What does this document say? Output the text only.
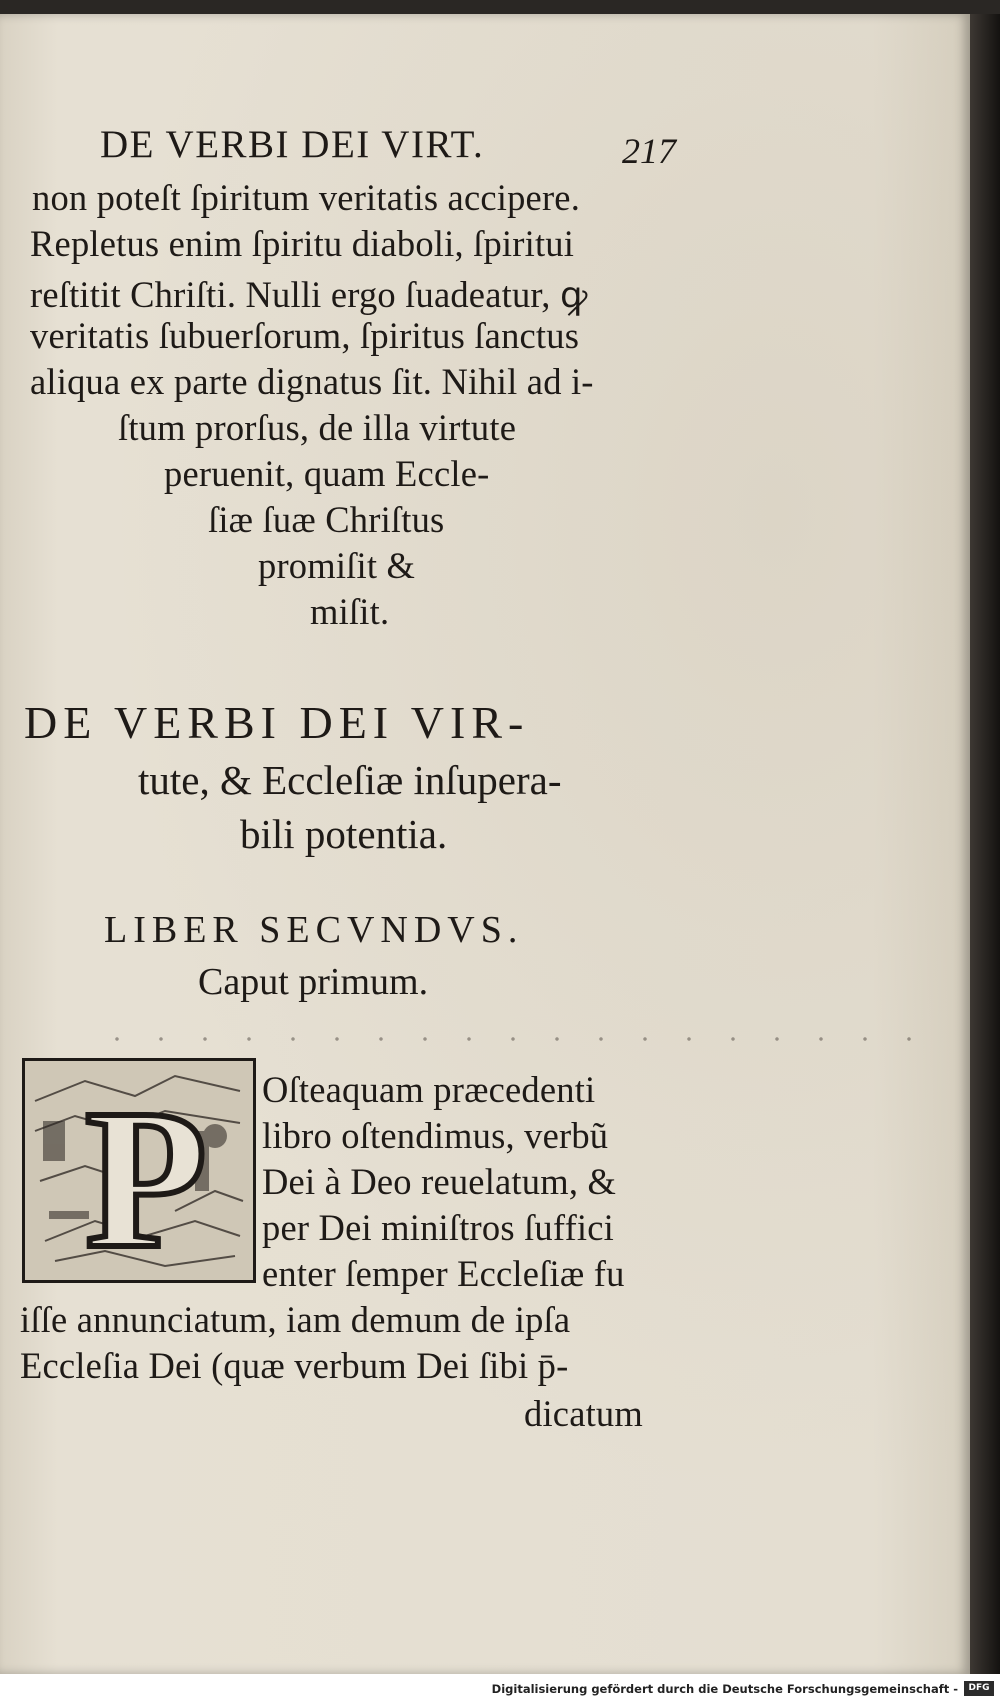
DE VERBI DEI VIRT.	217
non poteſt ſpiritum veritatis accipere.
Repletus enim ſpiritu diaboli, ſpiritui
reſtitit Chriſti. Nulli ergo ſuadeatur, ꝙ
veritatis ſubuerſorum, ſpiritus ſanctus
aliqua ex parte dignatus ſit. Nihil ad i-
ſtum prorſus, de illa virtute
peruenit, quam Eccle-
ſiæ ſuæ Chriſtus
promiſit &
miſit.
DE VERBI DEI VIR-
tute, & Eccleſiæ inſupera-
bili potentia.
LIBER SECVNDVS.
Caput primum.
P Oſteaquam præcedenti
libro oſtendimus, verbũ
Dei à Deo reuelatum, &
per Dei miniſtros ſuffici
enter ſemper Eccleſiæ fu
iſſe annunciatum, iam demum de ipſa
Eccleſia Dei (quæ verbum Dei ſibi p̄-
dicatum
Digitalisierung gefördert durch die Deutsche Forschungsgemeinschaft -	DFG
